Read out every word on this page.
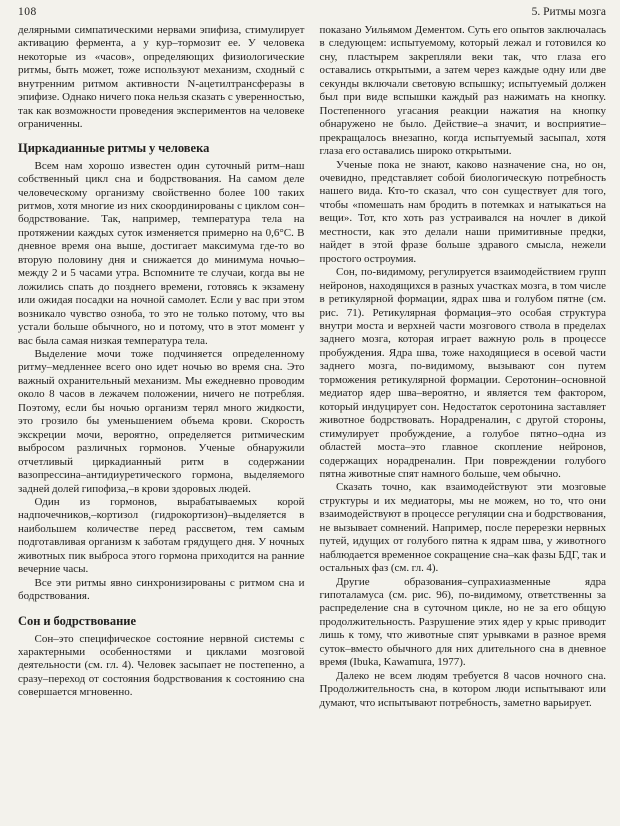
108	5. Ритмы мозга

делярными симпатическими нервами эпифиза, стимулирует активацию фермента, а у кур–тормозит ее. У человека некоторые из «часов», определяющих физиологические ритмы, быть может, тоже используют механизм, сходный с внутренним ритмом активности N-ацетилтрансферазы в эпифизе. Однако ничего пока нельзя сказать с уверенностью, так как возможности проведения экспериментов на человеке ограниченны.

Циркадианные ритмы у человека

Всем нам хорошо известен один суточный ритм–наш собственный цикл сна и бодрствования. На самом деле человеческому организму свойственно более 100 таких ритмов, хотя многие из них скоординированы с циклом сон–бодрствование. Так, например, температура тела на протяжении каждых суток изменяется примерно на 0,6°С. В дневное время она выше, достигает максимума где-то во вторую половину дня и снижается до минимума ночью–между 2 и 5 часами утра. Вспомните те случаи, когда вы не ложились спать до позднего времени, готовясь к экзамену или ожидая посадки на ночной самолет. Если у вас при этом возникало чувство озноба, то это не только потому, что вы устали больше обычного, но и потому, что в этот момент у вас была самая низкая температура тела.

Выделение мочи тоже подчиняется определенному ритму–медленнее всего оно идет ночью во время сна. Это важный охранительный механизм. Мы ежедневно проводим около 8 часов в лежачем положении, ничего не потребляя. Поэтому, если бы ночью организм терял много жидкости, это грозило бы уменьшением объема крови. Скорость экскреции мочи, вероятно, определяется ритмическим выбросом различных гормонов. Ученые обнаружили отчетливый циркадианный ритм в содержании вазопрессина–антидиуретического гормона, выделяемого задней долей гипофиза,–в крови здоровых людей.

Один из гормонов, вырабатываемых корой надпочечников,–кортизол (гидрокортизон)–выделяется в наибольшем количестве перед рассветом, тем самым подготавливая организм к заботам грядущего дня. У ночных животных пик выброса этого гормона приходится на ранние вечерние часы.

Все эти ритмы явно синхронизированы с ритмом сна и бодрствования.

Сон и бодрствование

Сон–это специфическое состояние нервной системы с характерными особенностями и циклами мозговой деятельности (см. гл. 4). Человек засыпает не постепенно, а сразу–переход от состояния бодрствования к состоянию сна совершается мгновенно.

показано Уильямом Дементом. Суть его опытов заключалась в следующем: испытуемому, который лежал и готовился ко сну, пластырем закрепляли веки так, что глаза его оставались открытыми, а затем через каждые одну или две секунды включали световую вспышку; испытуемый должен был при виде вспышки каждый раз нажимать на кнопку. Постепенного угасания реакции нажатия на кнопку обнаружено не было. Действие–а значит, и восприятие–прекращалось внезапно, когда испытуемый засыпал, хотя глаза его оставались широко открытыми.

Ученые пока не знают, каково назначение сна, но он, очевидно, представляет собой биологическую потребность нашего вида. Кто-то сказал, что сон существует для того, чтобы «помешать нам бродить в потемках и натыкаться на вещи». Тот, кто хоть раз устраивался на ночлег в дикой местности, как это делали наши примитивные предки, найдет в этой фразе больше здравого смысла, нежели простого остроумия.

Сон, по-видимому, регулируется взаимодействием групп нейронов, находящихся в разных участках мозга, в том числе в ретикулярной формации, ядрах шва и голубом пятне (см. рис. 71). Ретикулярная формация–это особая структура внутри моста и верхней части мозгового ствола в пределах заднего мозга, которая играет важную роль в процессе пробуждения. Ядра шва, тоже находящиеся в осевой части заднего мозга, по-видимому, вызывают сон путем торможения ретикулярной формации. Серотонин–основной медиатор ядер шва–вероятно, и является тем фактором, который индуцирует сон. Недостаток серотонина заставляет животное бодрствовать. Норадреналин, с другой стороны, стимулирует пробуждение, а голубое пятно–одна из областей моста–это главное скопление нейронов, содержащих норадреналин. При повреждении голубого пятна животные спят намного больше, чем обычно.

Сказать точно, как взаимодействуют эти мозговые структуры и их медиаторы, мы не можем, но то, что они взаимодействуют в процессе регуляции сна и бодрствования, не вызывает сомнений. Например, после перерезки нервных путей, идущих от голубого пятна к ядрам шва, у животного наблюдается временное сокращение сна–как фазы БДГ, так и остальных фаз (см. гл. 4).

Другие образования–супрахиазменные ядра гипоталамуса (см. рис. 96), по-видимому, ответственны за распределение сна в суточном цикле, но не за его общую продолжительность. Разрушение этих ядер у крыс приводит лишь к тому, что животные спят урывками в разное время суток–вместо обычного для них длительного сна в дневное время (Ibuka, Kawamura, 1977).

Далеко не всем людям требуется 8 часов ночного сна. Продолжительность сна, в котором люди испытывают или думают, что испытывают потребность, заметно варьирует.
